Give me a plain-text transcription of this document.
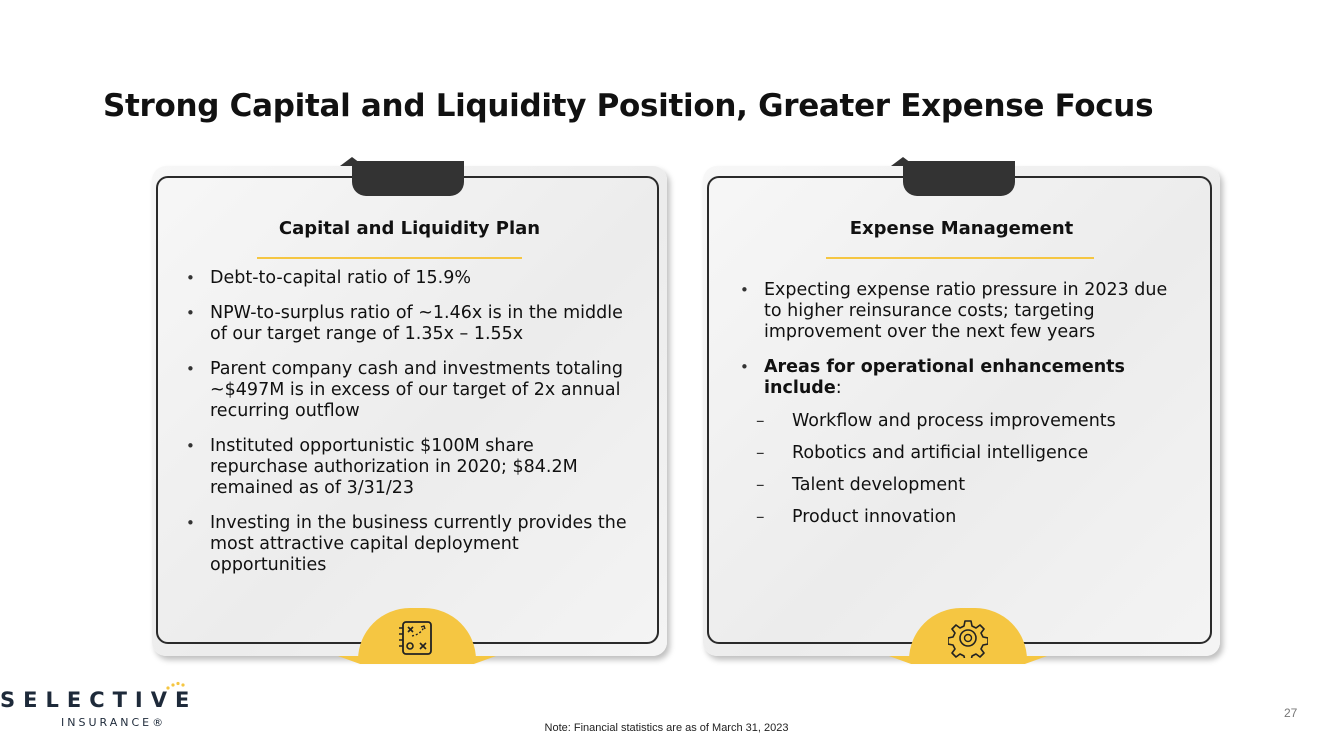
Strong Capital and Liquidity Position, Greater Expense Focus
Capital and Liquidity Plan
• Debt-to-capital ratio of 15.9%
• NPW-to-surplus ratio of ~1.46x is in the middle of our target range of 1.35x – 1.55x
• Parent company cash and investments totaling ~$497M is in excess of our target of 2x annual recurring outflow
• Instituted opportunistic $100M share repurchase authorization in 2020; $84.2M remained as of 3/31/23
• Investing in the business currently provides the most attractive capital deployment opportunities
Expense Management
• Expecting expense ratio pressure in 2023 due to higher reinsurance costs; targeting improvement over the next few years
• Areas for operational enhancements include:
– Workflow and process improvements
– Robotics and artificial intelligence
– Talent development
– Product innovation
SELECTIVE
INSURANCE®	Note: Financial statistics are as of March 31, 2023
27
